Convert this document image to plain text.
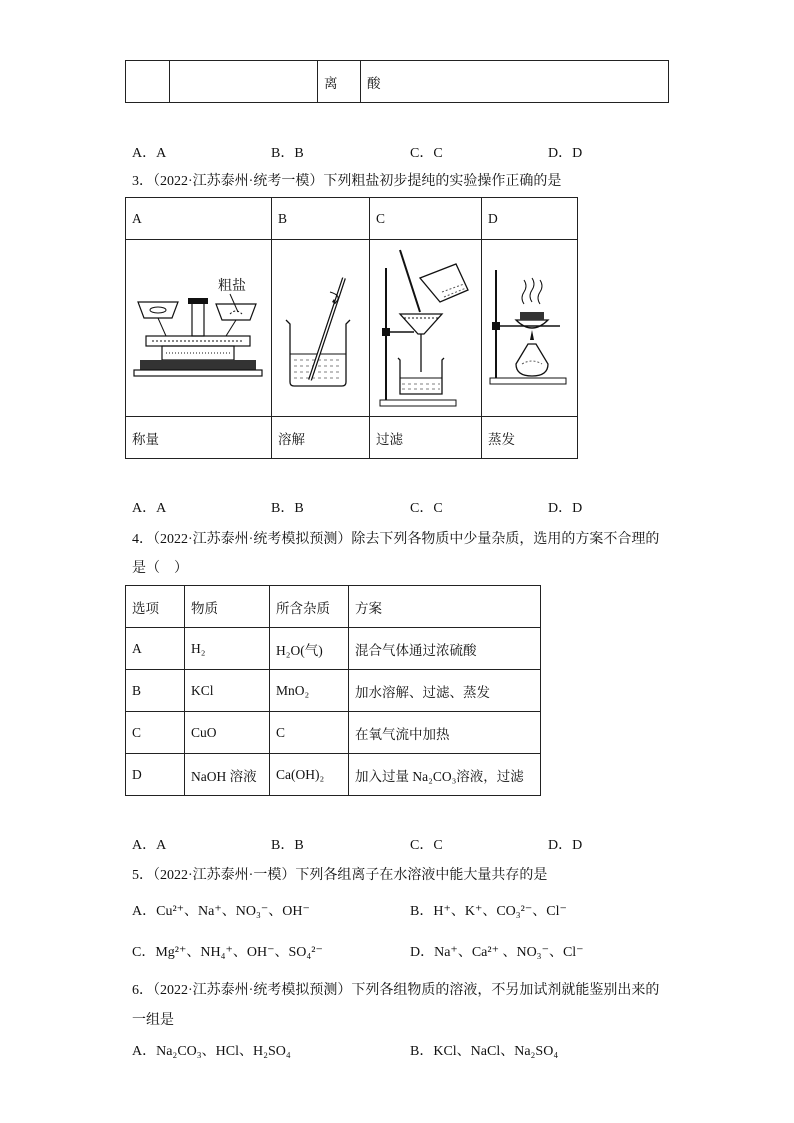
		离	酸
A．A	B．B	C．C	D．D
3．（2022·江苏泰州·统考一模）下列粗盐初步提纯的实验操作正确的是
A	B	C	D

粗盐

称量	溶解	过滤	蒸发
A．A	B．B	C．C	D．D
4．（2022·江苏泰州·统考模拟预测）除去下列各物质中少量杂质，选用的方案不合理的
是（　）
选项	物质	所含杂质	方案
A	H₂	H₂O(气)	混合气体通过浓硫酸
B	KCl	MnO₂	加水溶解、过滤、蒸发
C	CuO	C	在氧气流中加热
D	NaOH 溶液	Ca(OH)₂	加入过量 Na₂CO₃溶液，过滤
A．A	B．B	C．C	D．D
5．（2022·江苏泰州·一模）下列各组离子在水溶液中能大量共存的是
A．Cu²⁺、Na⁺、NO₃⁻、OH⁻	B．H⁺、K⁺、CO₃²⁻、Cl⁻
C．Mg²⁺、NH₄⁺、OH⁻、SO₄²⁻	D．Na⁺、Ca²⁺ 、NO₃⁻、Cl⁻
6．（2022·江苏泰州·统考模拟预测）下列各组物质的溶液，不另加试剂就能鉴别出来的
一组是
A．Na₂CO₃、HCl、H₂SO₄	B．KCl、NaCl、Na₂SO₄
